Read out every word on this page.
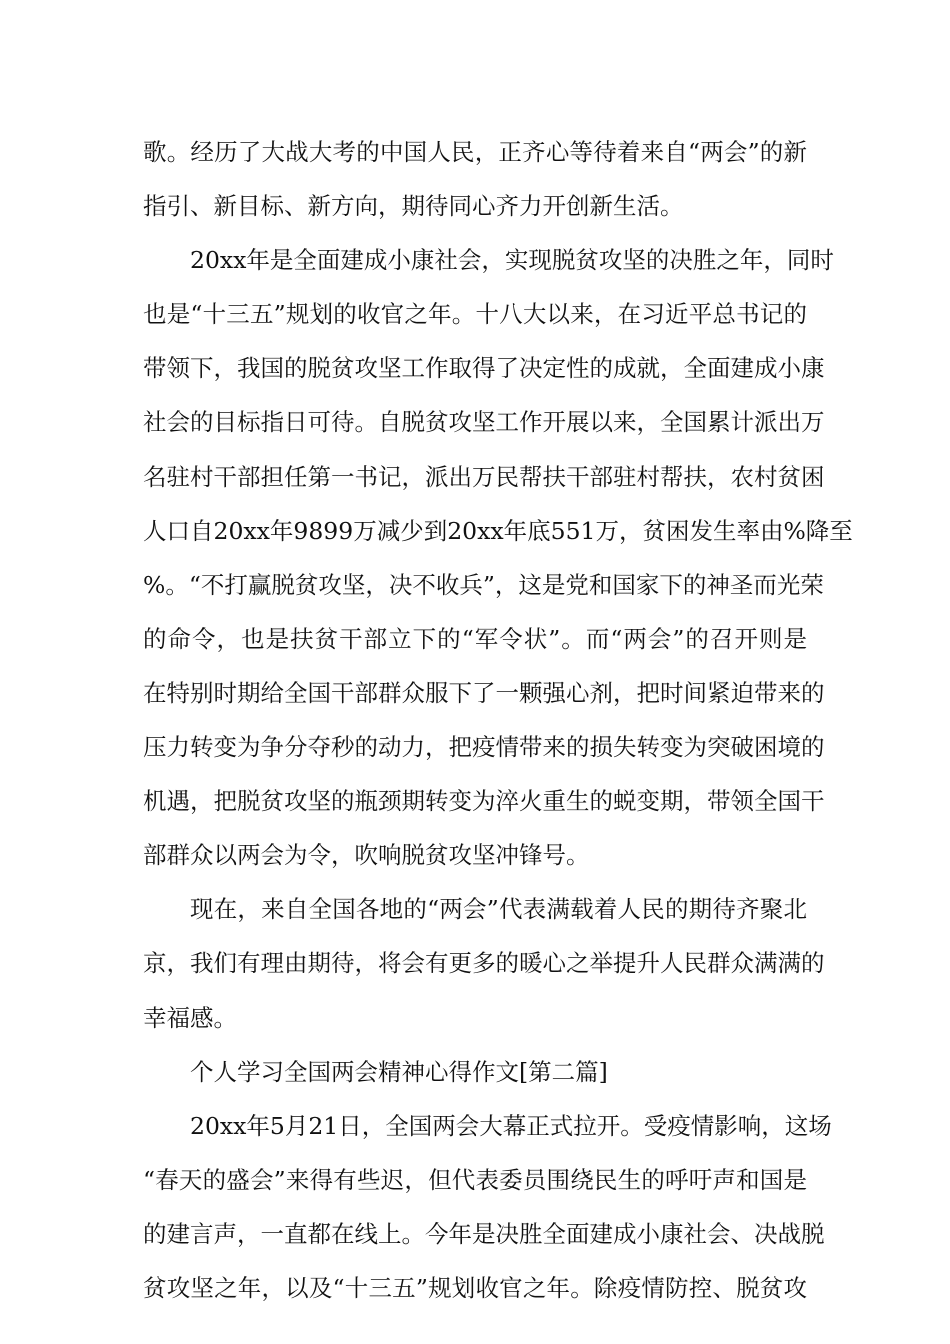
歌。经历了大战大考的中国人民，正齐心等待着来自“两会”的新
指引、新目标、新方向，期待同心齐力开创新生活。
20xx年是全面建成小康社会，实现脱贫攻坚的决胜之年，同时
也是“十三五”规划的收官之年。十八大以来，在习近平总书记的
带领下，我国的脱贫攻坚工作取得了决定性的成就，全面建成小康
社会的目标指日可待。自脱贫攻坚工作开展以来，全国累计派出万
名驻村干部担任第一书记，派出万民帮扶干部驻村帮扶，农村贫困
人口自20xx年9899万减少到20xx年底551万，贫困发生率由%降至
%。“不打赢脱贫攻坚，决不收兵”，这是党和国家下的神圣而光荣
的命令，也是扶贫干部立下的“军令状”。而“两会”的召开则是
在特别时期给全国干部群众服下了一颗强心剂，把时间紧迫带来的
压力转变为争分夺秒的动力，把疫情带来的损失转变为突破困境的
机遇，把脱贫攻坚的瓶颈期转变为淬火重生的蜕变期，带领全国干
部群众以两会为令，吹响脱贫攻坚冲锋号。
现在，来自全国各地的“两会”代表满载着人民的期待齐聚北
京，我们有理由期待，将会有更多的暖心之举提升人民群众满满的
幸福感。
个人学习全国两会精神心得作文[第二篇]
20xx年5月21日，全国两会大幕正式拉开。受疫情影响，这场
“春天的盛会”来得有些迟，但代表委员围绕民生的呼吁声和国是
的建言声，一直都在线上。今年是决胜全面建成小康社会、决战脱
贫攻坚之年，以及“十三五”规划收官之年。除疫情防控、脱贫攻
